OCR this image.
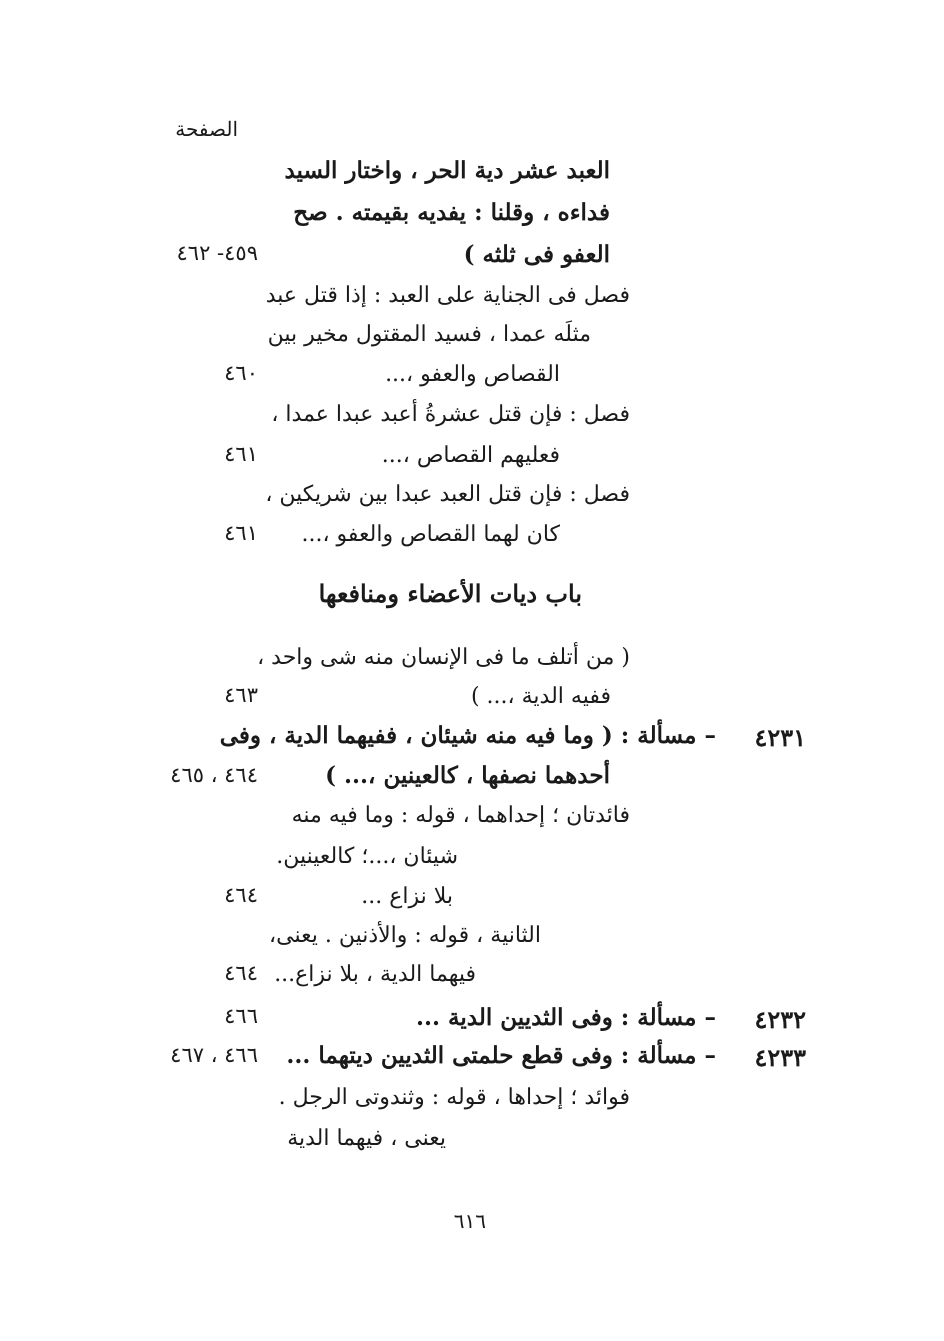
الصفحة
العبد عشر دية الحر ، واختار السيد
فداءه ، وقلنا : يفديه بقيمته . صح
العفو فى ثلثه )
٤٥٩- ٤٦٢
فصل فى الجناية على العبد : إذا قتل عبد
مثلَه عمدا ، فسيد المقتول مخير بين
القصاص والعفو ،...
٤٦٠
فصل : فإن قتل عشرةُ أعبد عبدا عمدا ،
فعليهم القصاص ،...
٤٦١
فصل : فإن قتل العبد عبدا بين شريكين ،
كان لهما القصاص والعفو ،...
٤٦١
باب ديات الأعضاء ومنافعها
( من أتلف ما فى الإنسان منه شى واحد ،
ففيه الدية ،... )
٤٦٣
٤٢٣١
– مسألة : ( وما فيه منه شيئان ، ففيهما الدية ، وفى
أحدهما نصفها ، كالعينين ،... )
٤٦٤ ، ٤٦٥
فائدتان ؛ إحداهما ، قوله : وما فيه منه
شيئان ،...؛ كالعينين.
بلا نزاع ...
٤٦٤
الثانية ، قوله : والأذنين . يعنى،
فيهما الدية ، بلا نزاع...
٤٦٤
٤٢٣٢
– مسألة : وفى الثديين الدية ...
٤٦٦
٤٢٣٣
– مسألة : وفى قطع حلمتى الثديين ديتهما ...
٤٦٦ ، ٤٦٧
فوائد ؛ إحداها ، قوله : وثندوتى الرجل .
يعنى ، فيهما الدية
٦١٦
